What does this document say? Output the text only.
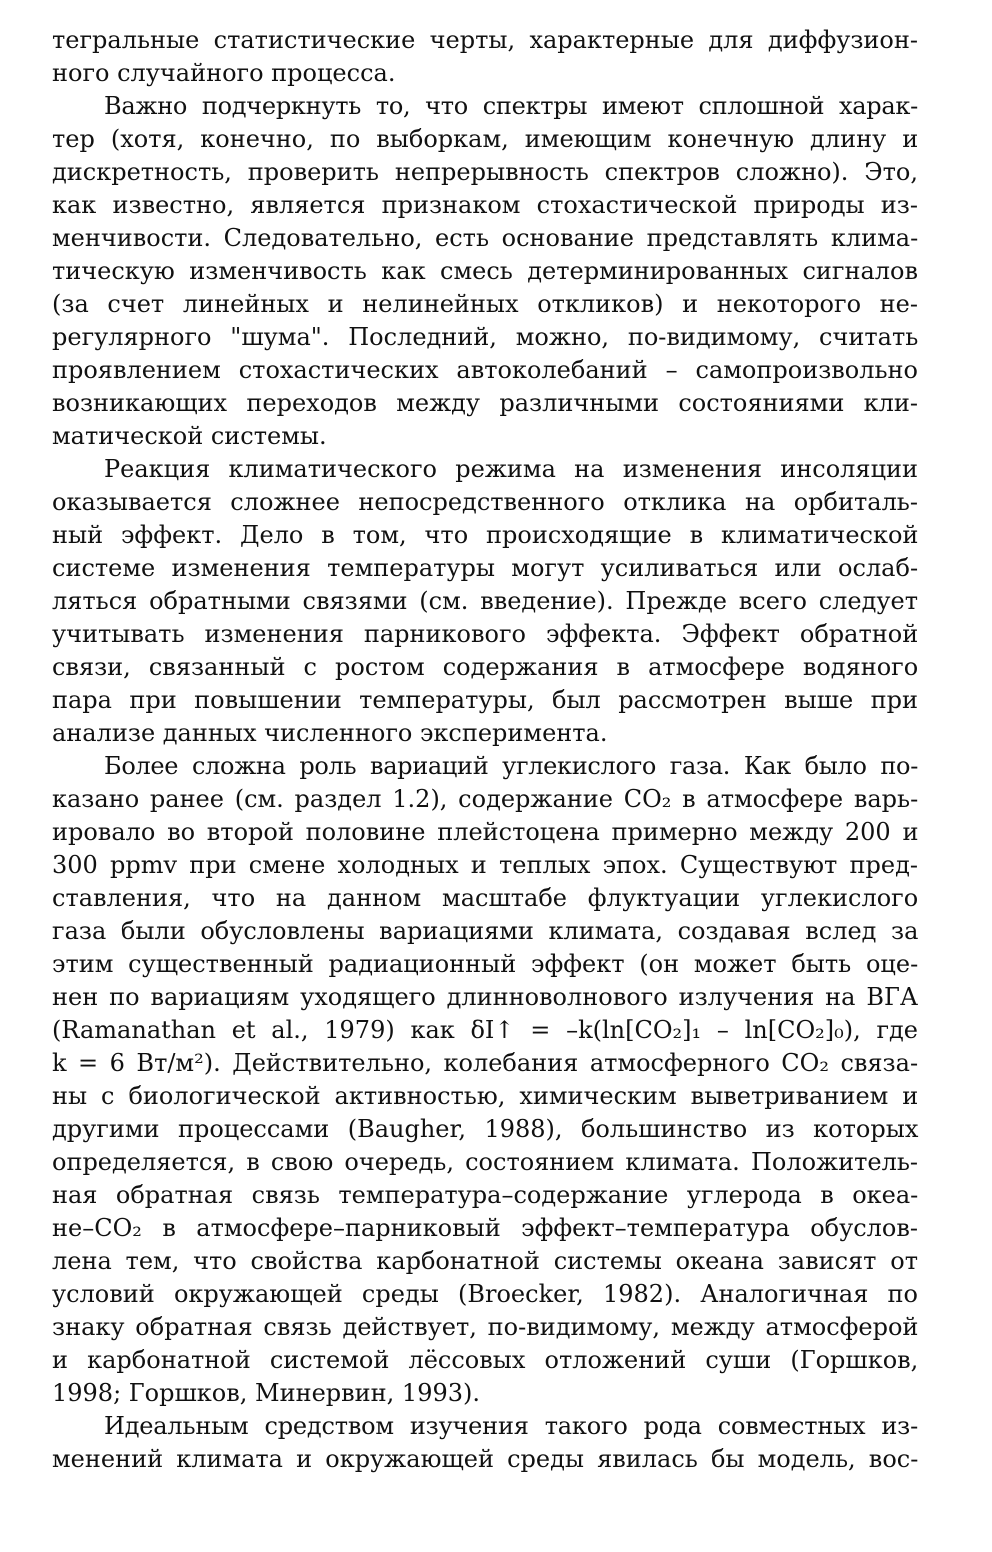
тегральные статистические черты, характерные для диффузион-
ного случайного процесса.
Важно подчеркнуть то, что спектры имеют сплошной харак-
тер (хотя, конечно, по выборкам, имеющим конечную длину и
дискретность, проверить непрерывность спектров сложно). Это,
как известно, является признаком стохастической природы из-
менчивости. Следовательно, есть основание представлять клима-
тическую изменчивость как смесь детерминированных сигналов
(за счет линейных и нелинейных откликов) и некоторого не-
регулярного "шума". Последний, можно, по-видимому, считать
проявлением стохастических автоколебаний – самопроизвольно
возникающих переходов между различными состояниями кли-
матической системы.
Реакция климатического режима на изменения инсоляции
оказывается сложнее непосредственного отклика на орбиталь-
ный эффект. Дело в том, что происходящие в климатической
системе изменения температуры могут усиливаться или ослаб-
ляться обратными связями (см. введение). Прежде всего следует
учитывать изменения парникового эффекта. Эффект обратной
связи, связанный с ростом содержания в атмосфере водяного
пара при повышении температуры, был рассмотрен выше при
анализе данных численного эксперимента.
Более сложна роль вариаций углекислого газа. Как было по-
казано ранее (см. раздел 1.2), содержание CO₂ в атмосфере варь-
ировало во второй половине плейстоцена примерно между 200 и
300 ppmv при смене холодных и теплых эпох. Существуют пред-
ставления, что на данном масштабе флуктуации углекислого
газа были обусловлены вариациями климата, создавая вслед за
этим существенный радиационный эффект (он может быть оце-
нен по вариациям уходящего длинноволнового излучения на ВГА
(Ramanathan et al., 1979) как δI↑ = –k(ln[CO₂]₁ – ln[CO₂]₀), где
k = 6 Вт/м²). Действительно, колебания атмосферного CO₂ связа-
ны с биологической активностью, химическим выветриванием и
другими процессами (Baugher, 1988), большинство из которых
определяется, в свою очередь, состоянием климата. Положитель-
ная обратная связь температура–содержание углерода в океа-
не–CO₂ в атмосфере–парниковый эффект–температура обуслов-
лена тем, что свойства карбонатной системы океана зависят от
условий окружающей среды (Broecker, 1982). Аналогичная по
знаку обратная связь действует, по-видимому, между атмосферой
и карбонатной системой лёссовых отложений суши (Горшков,
1998; Горшков, Минервин, 1993).
Идеальным средством изучения такого рода совместных из-
менений климата и окружающей среды явилась бы модель, вос-
